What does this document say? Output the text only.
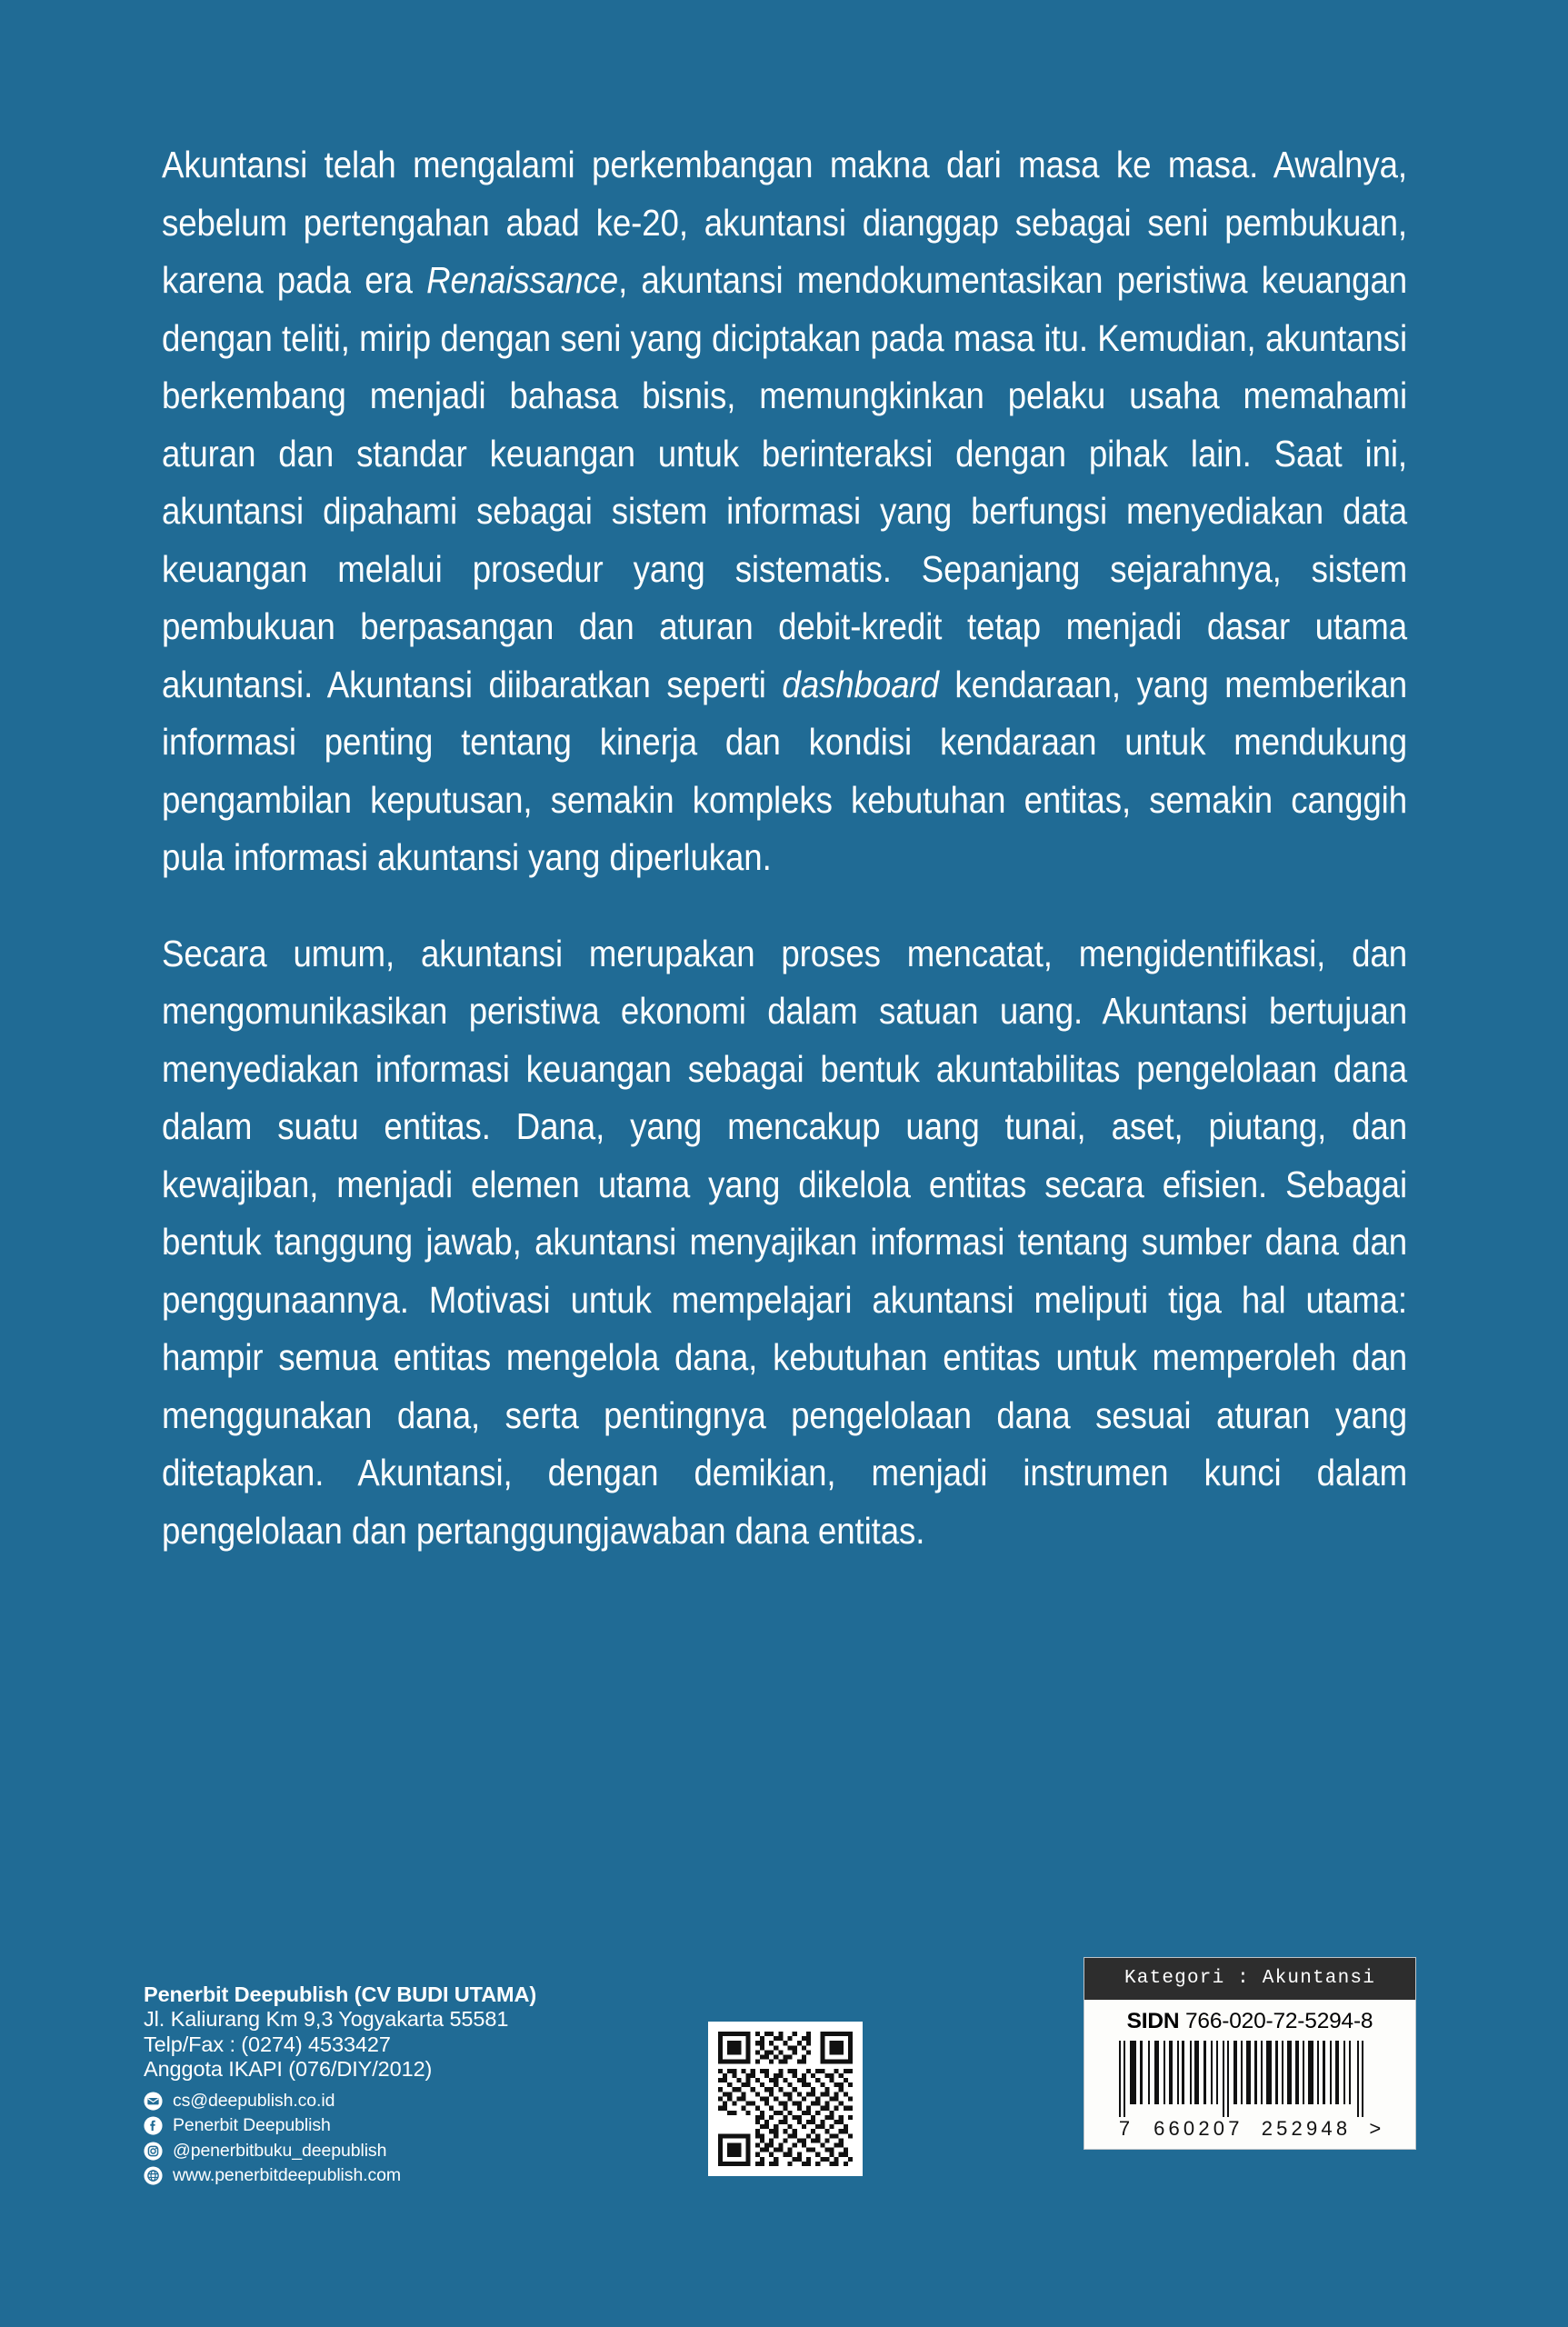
Akuntansi telah mengalami perkembangan makna dari masa ke masa. Awalnya, sebelum pertengahan abad ke-20, akuntansi dianggap sebagai seni pembukuan, karena pada era Renaissance, akuntansi mendokumentasikan peristiwa keuangan dengan teliti, mirip dengan seni yang diciptakan pada masa itu. Kemudian, akuntansi berkembang menjadi bahasa bisnis, memungkinkan pelaku usaha memahami aturan dan standar keuangan untuk berinteraksi dengan pihak lain. Saat ini, akuntansi dipahami sebagai sistem informasi yang berfungsi menyediakan data keuangan melalui prosedur yang sistematis. Sepanjang sejarahnya, sistem pembukuan berpasangan dan aturan debit-kredit tetap menjadi dasar utama akuntansi. Akuntansi diibaratkan seperti dashboard kendaraan, yang memberikan informasi penting tentang kinerja dan kondisi kendaraan untuk mendukung pengambilan keputusan, semakin kompleks kebutuhan entitas, semakin canggih pula informasi akuntansi yang diperlukan.

Secara umum, akuntansi merupakan proses mencatat, mengidentifikasi, dan mengomunikasikan peristiwa ekonomi dalam satuan uang. Akuntansi bertujuan menyediakan informasi keuangan sebagai bentuk akuntabilitas pengelolaan dana dalam suatu entitas. Dana, yang mencakup uang tunai, aset, piutang, dan kewajiban, menjadi elemen utama yang dikelola entitas secara efisien. Sebagai bentuk tanggung jawab, akuntansi menyajikan informasi tentang sumber dana dan penggunaannya. Motivasi untuk mempelajari akuntansi meliputi tiga hal utama: hampir semua entitas mengelola dana, kebutuhan entitas untuk memperoleh dan menggunakan dana, serta pentingnya pengelolaan dana sesuai aturan yang ditetapkan. Akuntansi, dengan demikian, menjadi instrumen kunci dalam pengelolaan dan pertanggungjawaban dana entitas.

Penerbit Deepublish (CV BUDI UTAMA)
Jl. Kaliurang Km 9,3 Yogyakarta 55581
Telp/Fax : (0274) 4533427
Anggota IKAPI (076/DIY/2012)
cs@deepublish.co.id
Penerbit Deepublish
@penerbitbuku_deepublish
www.penerbitdeepublish.com
Kategori : Akuntansi
SIDN 766-020-72-5294-8
7 660207 252948 >
